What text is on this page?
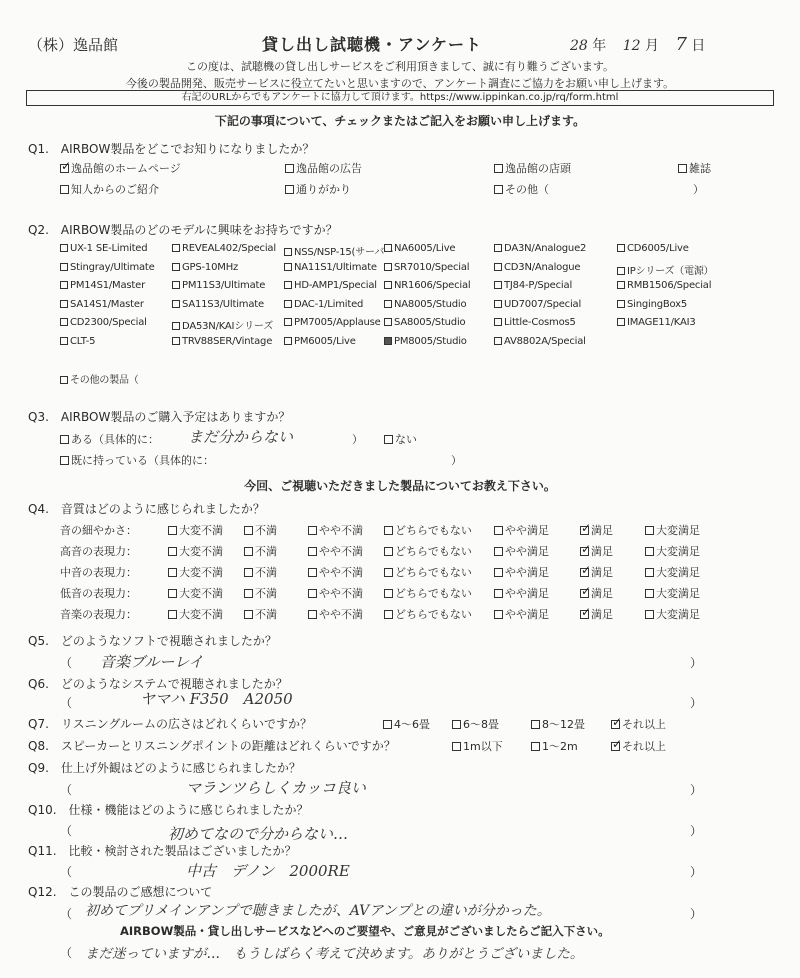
（株）逸品館	貸し出し試聴機・アンケート	28 年 12 月 7 日
この度は、試聴機の貸し出しサービスをご利用頂きまして、誠に有り難うございます。
今後の製品開発、販売サービスに役立てたいと思いますので、アンケート調査にご協力をお願い申し上げます。
右記のURLからでもアンケートに協力して頂けます。https://www.ippinkan.co.jp/rq/form.html
下記の事項について、チェックまたはご記入をお願い申し上げます。
Q1.　AIRBOW製品をどこでお知りになりましたか？
✓逸品館のホームページ	逸品館の広告	逸品館の店頭	雑誌
知人からのご紹介	通りがかり	その他（	）
Q2.　AIRBOW製品のどのモデルに興味をお持ちですか？
UX-1 SE-Limited	REVEAL402/Special	NSS/NSP-15(サーバー NA6005/Live	DA3N/Analogue2	CD6005/Live
Stingray/Ultimate	GPS-10MHz	NA11S1/Ultimate	SR7010/Special	CD3N/Analogue	IPシリーズ（電源）
PM14S1/Master	PM11S3/Ultimate	HD-AMP1/Special	NR1606/Special	TJ84-P/Special	RMB1506/Special
SA14S1/Master	SA11S3/Ultimate	DAC-1/Limited	NA8005/Studio	UD7007/Special	SingingBox5
CD2300/Special	DA53N/KAIシリーズ	PM7005/Applause	SA8005/Studio	Little-Cosmos5	IMAGE11/KAI3
CLT-5	TRV88SER/Vintage	PM6005/Live	PM8005/Studio	AV8802A/Special
その他の製品（
Q3.　AIRBOW製品のご購入予定はありますか？
ある（具体的に： まだ分からない	）	ない
既に持っている（具体的に：	）
今回、ご視聴いただきました製品についてお教え下さい。
Q4.　音質はどのように感じられましたか？
音の細やかさ：	大変不満	不満	やや不満	どちらでもない	やや満足 ✓	満足	大変満足
高音の表現力：	大変不満	不満	やや不満	どちらでもない	やや満足 ✓	満足	大変満足
中音の表現力：	大変不満	不満	やや不満	どちらでもない	やや満足 ✓	満足	大変満足
低音の表現力：	大変不満	不満	やや不満	どちらでもない	やや満足 ✓	満足	大変満足
音楽の表現力：	大変不満	不満	やや不満	どちらでもない	やや満足 ✓	満足	大変満足
Q5.　どのようなソフトで視聴されましたか？
（ 音楽ブルーレイ	）
Q6.　どのようなシステムで視聴されましたか？
（	ヤマハ F350　A2050	）
Q7.　リスニングルームの広さはどれくらいですか？	4～6畳	6～8畳	8～12畳 ✓	それ以上
Q8.　スピーカーとリスニングポイントの距離はどれくらいですか？	1m以下	1～2m ✓	それ以上
Q9.　仕上げ外観はどのように感じられましたか？
マランツらしくカッコ良い
（	）
Q10.　仕様・機能はどのように感じられましたか？
（	初めてなので分からない…	）
Q11.　比較・検討された製品はございましたか？
（	中古　デノン　2000RE	）
Q12.　この製品のご感想について
（ 初めてプリメインアンプで聴きましたが、AVアンプとの違いが分かった。	）
AIRBOW製品・貸し出しサービスなどへのご要望や、ご意見がございましたらご記入下さい。
（ まだ迷っていますが…　もうしばらく考えて決めます。ありがとうございました。
